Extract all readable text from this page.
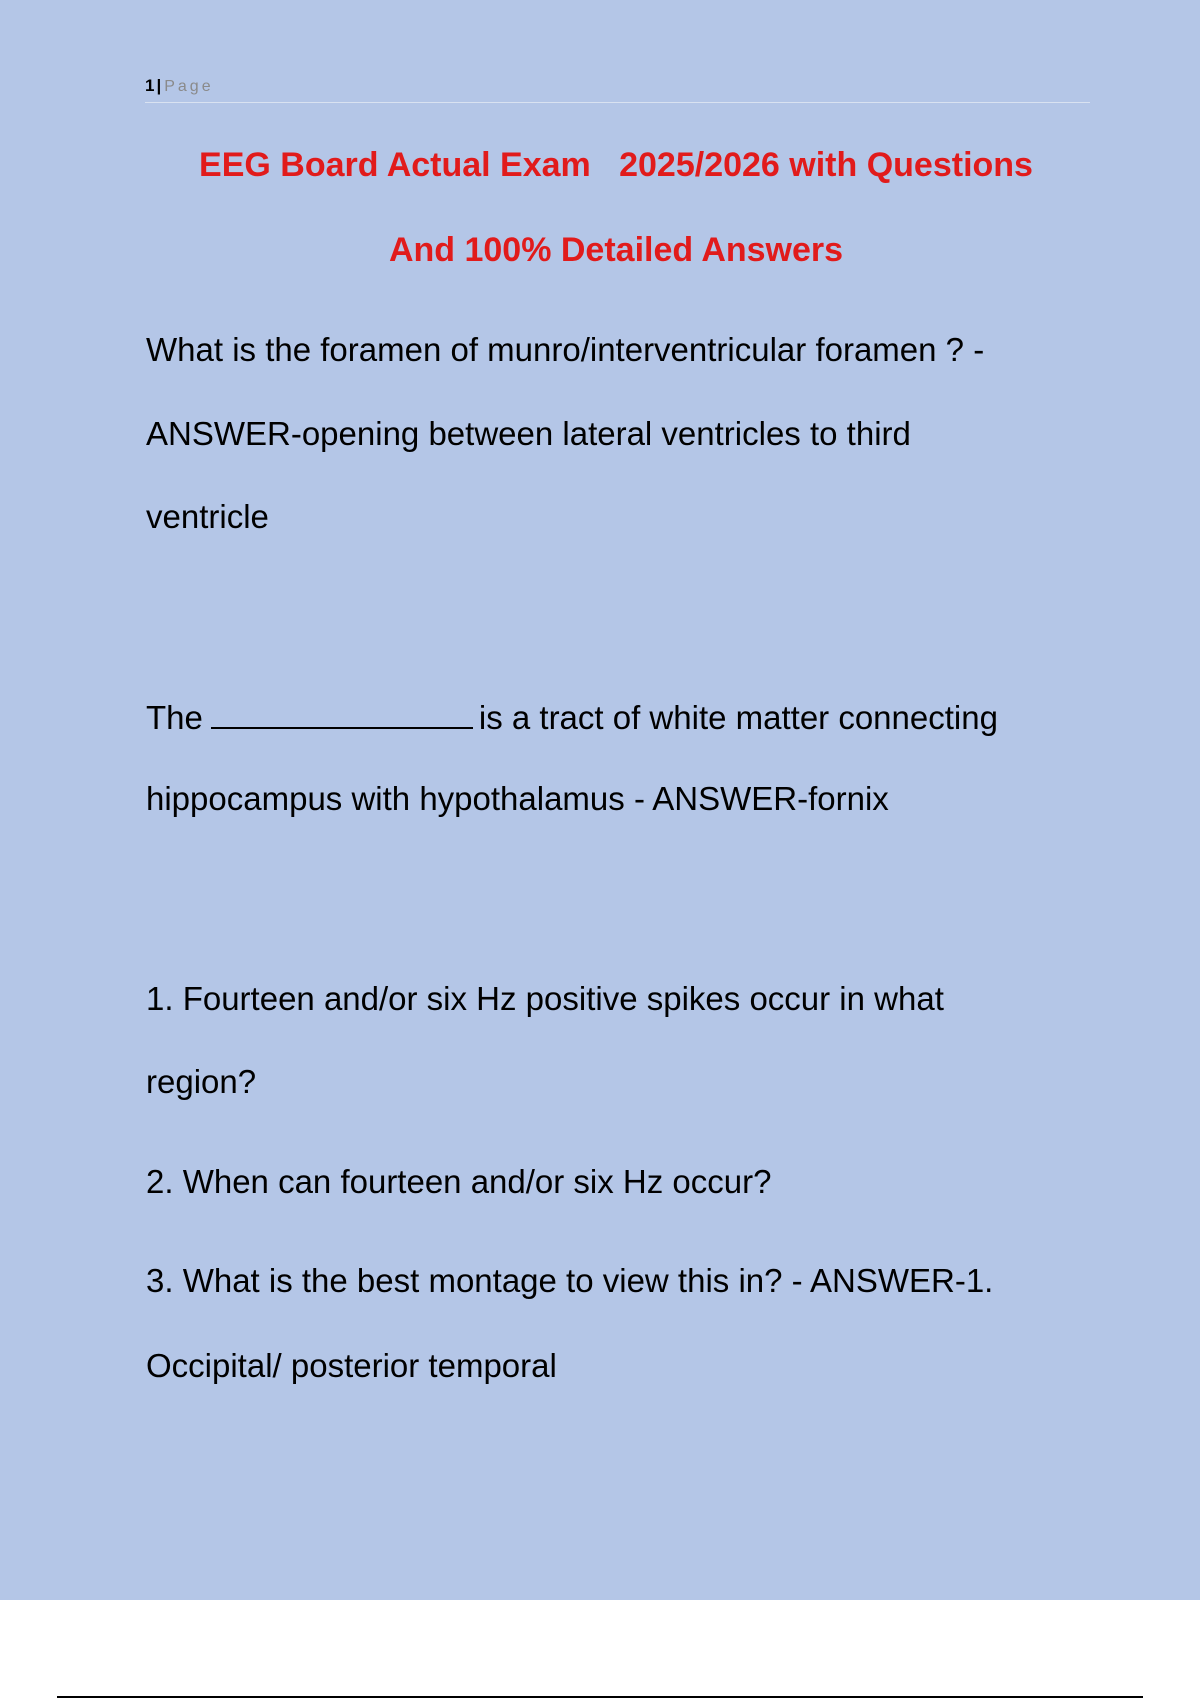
1 | Page
EEG Board Actual Exam   2025/2026 with Questions
And 100% Detailed Answers
What is the foramen of munro/interventricular foramen ? -
ANSWER-opening between lateral ventricles to third
ventricle
The	is a tract of white matter connecting
hippocampus with hypothalamus - ANSWER-fornix
1. Fourteen and/or six Hz positive spikes occur in what
region?
2. When can fourteen and/or six Hz occur?
3. What is the best montage to view this in? - ANSWER-1.
Occipital/ posterior temporal
